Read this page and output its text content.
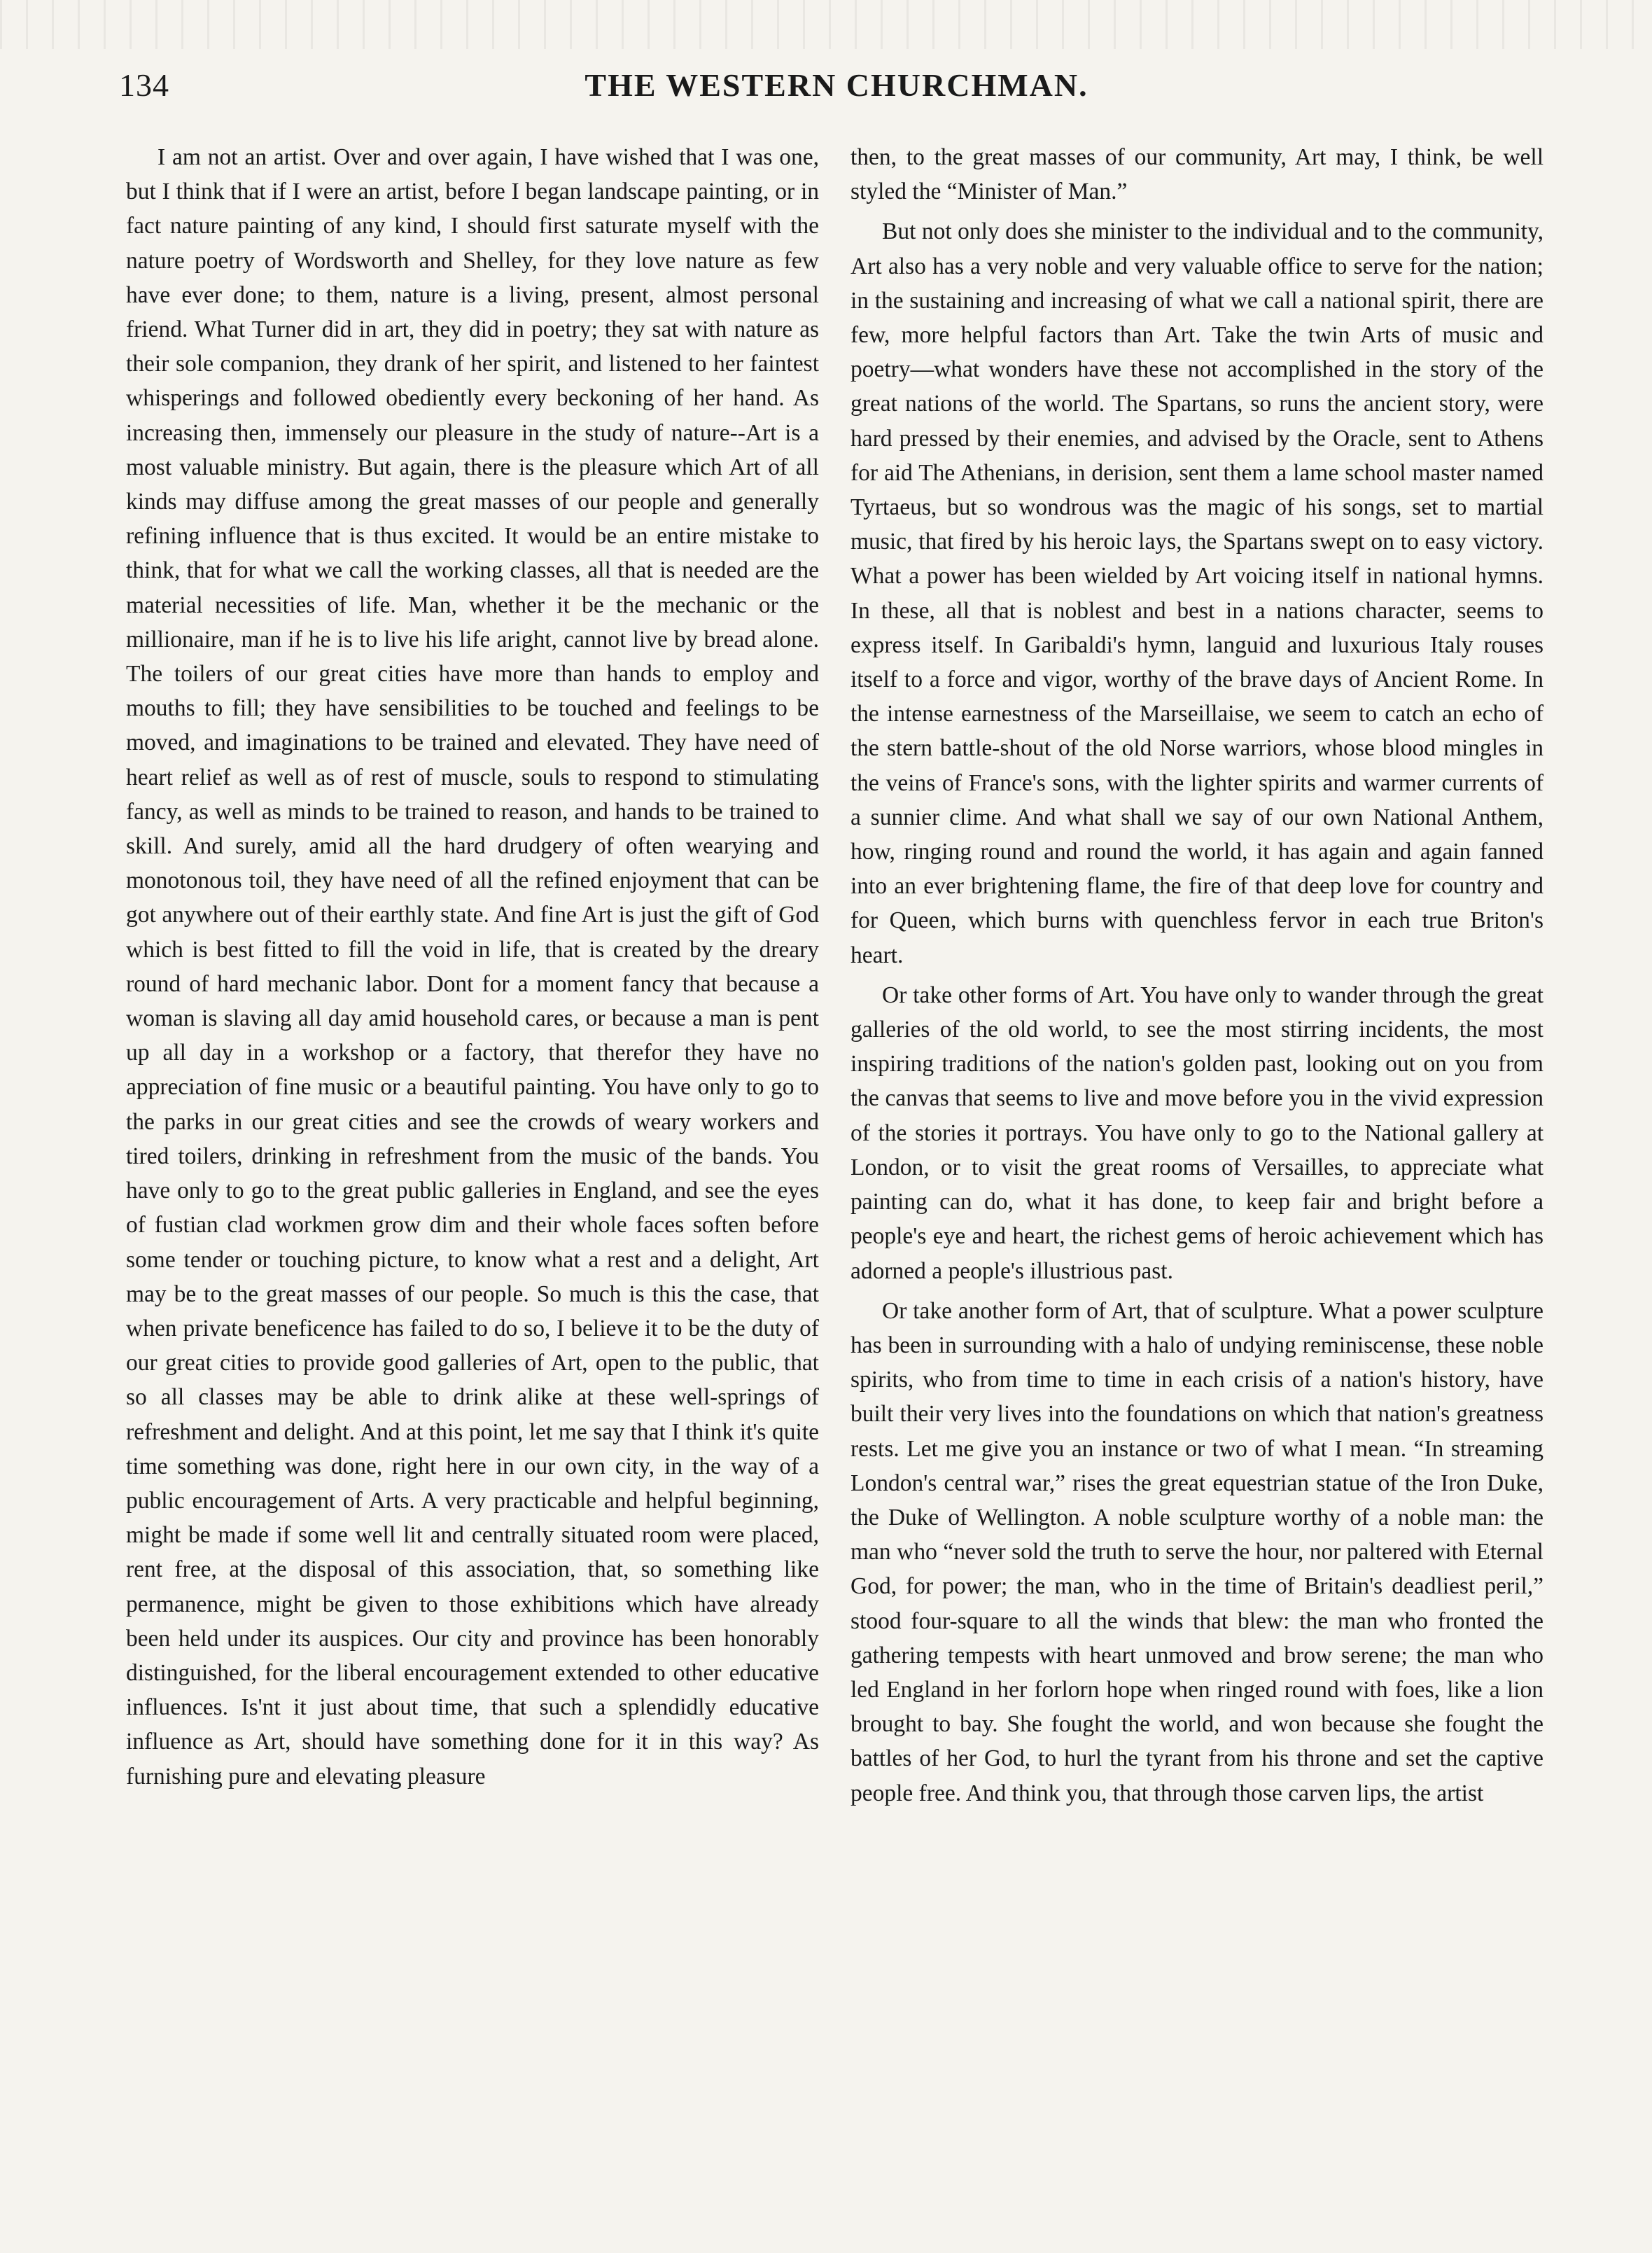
134	THE WESTERN CHURCHMAN.

I am not an artist. Over and over again, I have wished that I was one, but I think that if I were an artist, before I began landscape painting, or in fact nature painting of any kind, I should first saturate myself with the nature poetry of Wordsworth and Shelley, for they love nature as few have ever done; to them, nature is a living, present, almost personal friend. What Turner did in art, they did in poetry; they sat with nature as their sole companion, they drank of her spirit, and listened to her faintest whisperings and followed obediently every beckoning of her hand. As increasing then, immensely our pleasure in the study of nature--Art is a most valuable ministry. But again, there is the pleasure which Art of all kinds may diffuse among the great masses of our people and generally refining influence that is thus excited. It would be an entire mistake to think, that for what we call the working classes, all that is needed are the material necessities of life. Man, whether it be the mechanic or the millionaire, man if he is to live his life aright, cannot live by bread alone. The toilers of our great cities have more than hands to employ and mouths to fill; they have sensibilities to be touched and feelings to be moved, and imaginations to be trained and elevated. They have need of heart relief as well as of rest of muscle, souls to respond to stimulating fancy, as well as minds to be trained to reason, and hands to be trained to skill. And surely, amid all the hard drudgery of often wearying and monotonous toil, they have need of all the refined enjoyment that can be got anywhere out of their earthly state. And fine Art is just the gift of God which is best fitted to fill the void in life, that is created by the dreary round of hard mechanic labor. Dont for a moment fancy that because a woman is slaving all day amid household cares, or because a man is pent up all day in a workshop or a factory, that therefor they have no appreciation of fine music or a beautiful painting. You have only to go to the parks in our great cities and see the crowds of weary workers and tired toilers, drinking in refreshment from the music of the bands. You have only to go to the great public galleries in England, and see the eyes of fustian clad workmen grow dim and their whole faces soften before some tender or touching picture, to know what a rest and a delight, Art may be to the great masses of our people. So much is this the case, that when private beneficence has failed to do so, I believe it to be the duty of our great cities to provide good galleries of Art, open to the public, that so all classes may be able to drink alike at these well-springs of refreshment and delight. And at this point, let me say that I think it's quite time something was done, right here in our own city, in the way of a public encouragement of Arts. A very practicable and helpful beginning, might be made if some well lit and centrally situated room were placed, rent free, at the disposal of this association, that, so something like permanence, might be given to those exhibitions which have already been held under its auspices. Our city and province has been honorably distinguished, for the liberal encouragement extended to other educative influences. Is'nt it just about time, that such a splendidly educative influence as Art, should have something done for it in this way? As furnishing pure and elevating pleasure

then, to the great masses of our community, Art may, I think, be well styled the “Minister of Man.”

But not only does she minister to the individual and to the community, Art also has a very noble and very valuable office to serve for the nation; in the sustaining and increasing of what we call a national spirit, there are few, more helpful factors than Art. Take the twin Arts of music and poetry—what wonders have these not accomplished in the story of the great nations of the world. The Spartans, so runs the ancient story, were hard pressed by their enemies, and advised by the Oracle, sent to Athens for aid The Athenians, in derision, sent them a lame school master named Tyrtaeus, but so wondrous was the magic of his songs, set to martial music, that fired by his heroic lays, the Spartans swept on to easy victory. What a power has been wielded by Art voicing itself in national hymns. In these, all that is noblest and best in a nations character, seems to express itself. In Garibaldi's hymn, languid and luxurious Italy rouses itself to a force and vigor, worthy of the brave days of Ancient Rome. In the intense earnestness of the Marseillaise, we seem to catch an echo of the stern battle-shout of the old Norse warriors, whose blood mingles in the veins of France's sons, with the lighter spirits and warmer currents of a sunnier clime. And what shall we say of our own National Anthem, how, ringing round and round the world, it has again and again fanned into an ever brightening flame, the fire of that deep love for country and for Queen, which burns with quenchless fervor in each true Briton's heart.

Or take other forms of Art. You have only to wander through the great galleries of the old world, to see the most stirring incidents, the most inspiring traditions of the nation's golden past, looking out on you from the canvas that seems to live and move before you in the vivid expression of the stories it portrays. You have only to go to the National gallery at London, or to visit the great rooms of Versailles, to appreciate what painting can do, what it has done, to keep fair and bright before a people's eye and heart, the richest gems of heroic achievement which has adorned a people's illustrious past.

Or take another form of Art, that of sculpture. What a power sculpture has been in surrounding with a halo of undying reminiscense, these noble spirits, who from time to time in each crisis of a nation's history, have built their very lives into the foundations on which that nation's greatness rests. Let me give you an instance or two of what I mean. “In streaming London's central war,” rises the great equestrian statue of the Iron Duke, the Duke of Wellington. A noble sculpture worthy of a noble man: the man who “never sold the truth to serve the hour, nor paltered with Eternal God, for power; the man, who in the time of Britain's deadliest peril,” stood four-square to all the winds that blew: the man who fronted the gathering tempests with heart unmoved and brow serene; the man who led England in her forlorn hope when ringed round with foes, like a lion brought to bay. She fought the world, and won because she fought the battles of her God, to hurl the tyrant from his throne and set the captive people free. And think you, that through those carven lips, the artist
